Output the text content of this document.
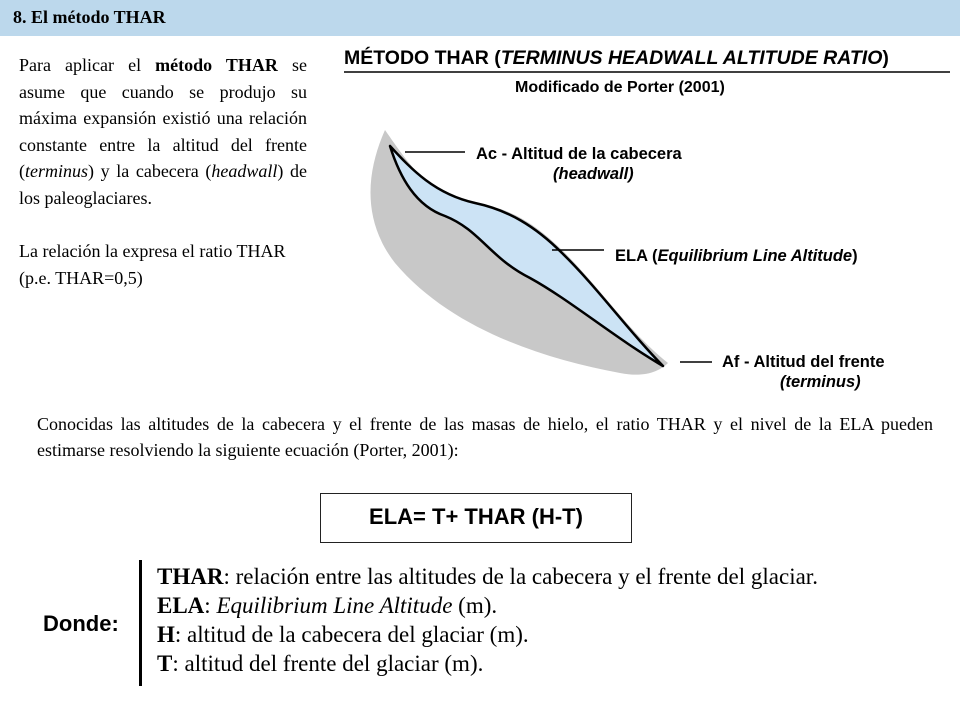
8. El método THAR

Para aplicar el método THAR se asume que cuando se produjo su máxima expansión existió una relación constante entre la altitud del frente (terminus) y la cabecera (headwall) de los paleoglaciares.

La relación la expresa el ratio THAR (p.e. THAR=0,5)

MÉTODO THAR (TERMINUS HEADWALL ALTITUDE RATIO)
Modificado de Porter (2001)
Ac - Altitud de la cabecera
(headwall)
ELA (Equilibrium Line Altitude)
Af - Altitud del frente
(terminus)
Conocidas las altitudes de la cabecera y el frente de las masas de hielo, el ratio THAR y el nivel de la ELA pueden estimarse resolviendo la siguiente ecuación (Porter, 2001):
ELA= T+ THAR (H-T)
Donde:
THAR: relación entre las altitudes de la cabecera y el frente del glaciar.
ELA: Equilibrium Line Altitude (m).
H: altitud de la cabecera del glaciar (m).
T: altitud del frente del glaciar (m).
